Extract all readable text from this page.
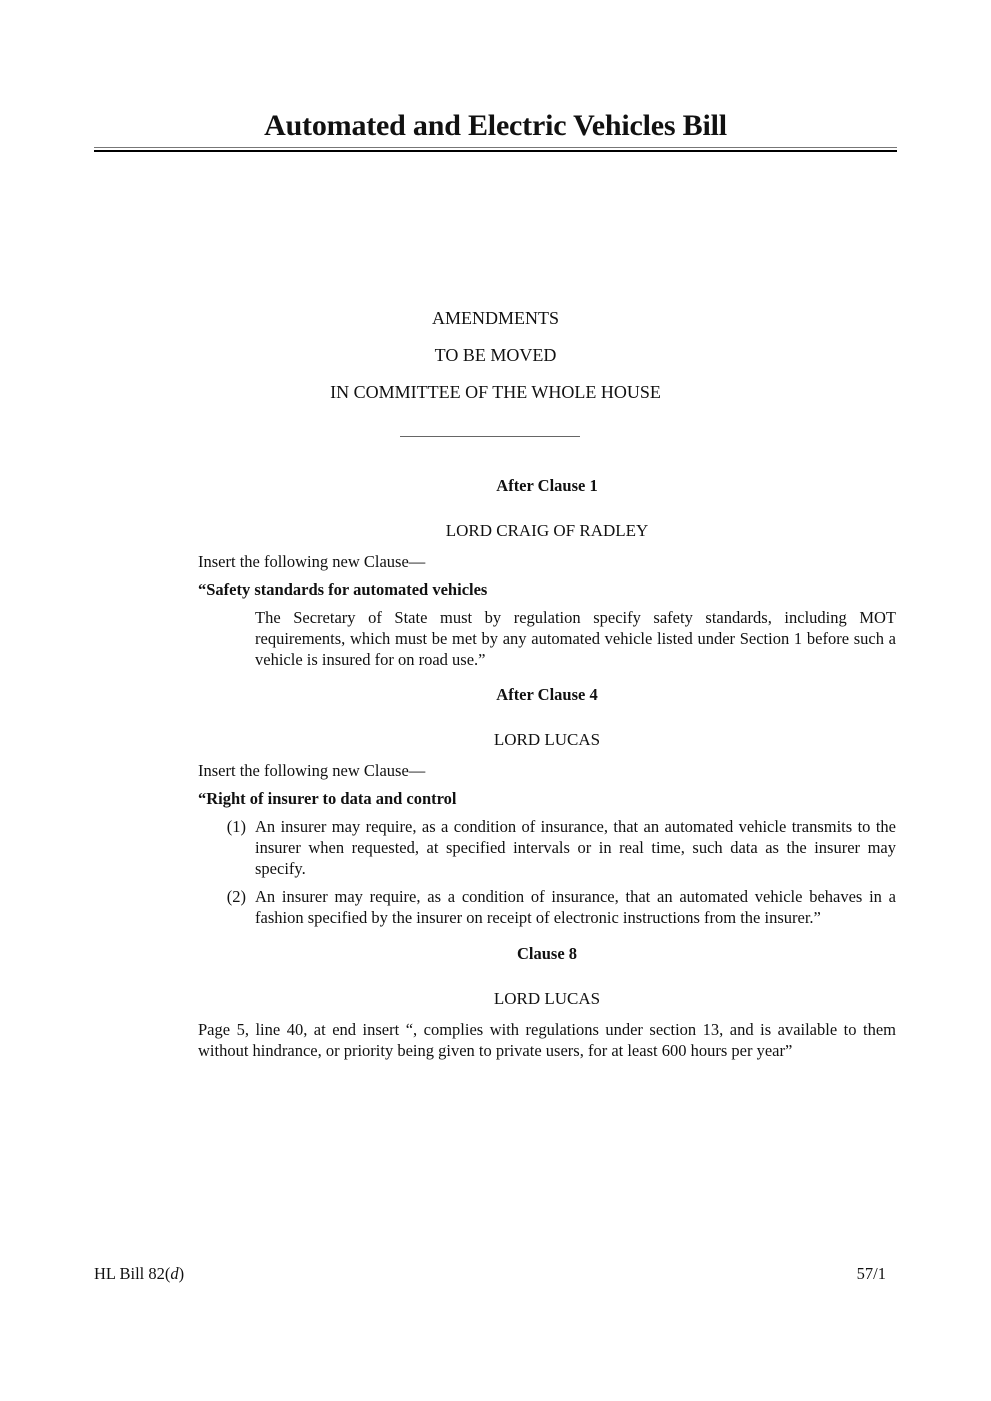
Automated and Electric Vehicles Bill
AMENDMENTS
TO BE MOVED
IN COMMITTEE OF THE WHOLE HOUSE

After Clause 1

LORD CRAIG OF RADLEY

Insert the following new Clause—

“Safety standards for automated vehicles

The Secretary of State must by regulation specify safety standards, including MOT requirements, which must be met by any automated vehicle listed under Section 1 before such a vehicle is insured for on road use.”

After Clause 4

LORD LUCAS

Insert the following new Clause—

“Right of insurer to data and control

(1) An insurer may require, as a condition of insurance, that an automated vehicle transmits to the insurer when requested, at specified intervals or in real time, such data as the insurer may specify.
(2) An insurer may require, as a condition of insurance, that an automated vehicle behaves in a fashion specified by the insurer on receipt of electronic instructions from the insurer.”

Clause 8

LORD LUCAS

Page 5, line 40, at end insert “, complies with regulations under section 13, and is available to them without hindrance, or priority being given to private users, for at least 600 hours per year”

HL Bill 82(d)	57/1
